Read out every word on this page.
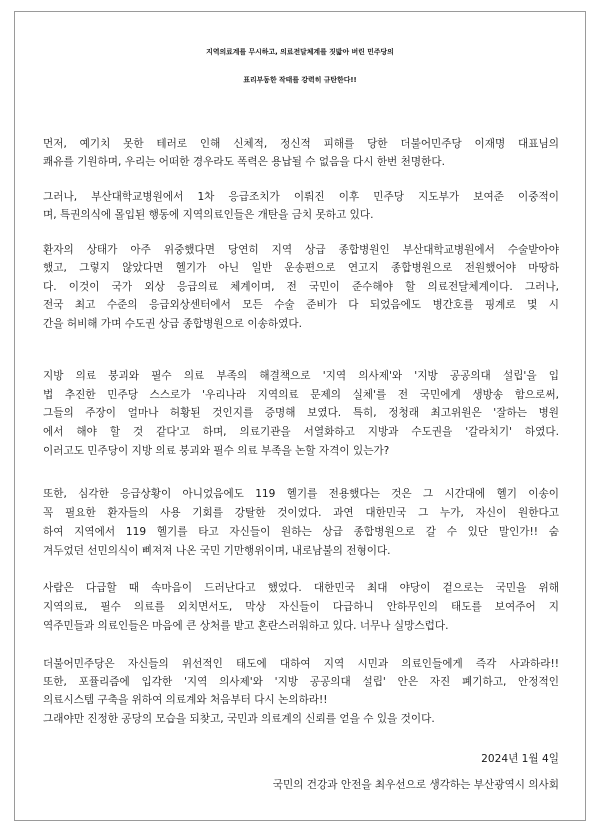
지역의료계를 무시하고, 의료전달체계를 짓밟아 버린 민주당의
표리부동한 작태를 강력히 규탄한다!!
먼저, 예기치 못한 테러로 인해 신체적, 정신적 피해를 당한 더불어민주당 이재명 대표님의
쾌유를 기원하며, 우리는 어떠한 경우라도 폭력은 용납될 수 없음을 다시 한번 천명한다.
그러나, 부산대학교병원에서 1차 응급조치가 이뤄진 이후 민주당 지도부가 보여준 이중적이
며, 특권의식에 몰입된 행동에 지역의료인들은 개탄을 금치 못하고 있다.
환자의 상태가 아주 위중했다면 당연히 지역 상급 종합병원인 부산대학교병원에서 수술받아야
했고, 그렇지 않았다면 헬기가 아닌 일반 운송편으로 연고지 종합병원으로 전원했어야 마땅하
다. 이것이 국가 외상 응급의료 체계이며, 전 국민이 준수해야 할 의료전달체계이다. 그러나,
전국 최고 수준의 응급외상센터에서 모든 수술 준비가 다 되었음에도 병간호를 핑계로 몇 시
간을 허비해 가며 수도권 상급 종합병원으로 이송하였다.
지방 의료 붕괴와 필수 의료 부족의 해결책으로 '지역 의사제'와 '지방 공공의대 설립'을 입
법 추진한 민주당 스스로가 '우리나라 지역의료 문제의 실체'를 전 국민에게 생방송 함으로써,
그들의 주장이 얼마나 허황된 것인지를 증명해 보였다. 특히, 정청래 최고위원은 '잘하는 병원
에서 해야 할 것 같다'고 하며, 의료기관을 서열화하고 지방과 수도권을 '갈라치기' 하였다.
이러고도 민주당이 지방 의료 붕괴와 필수 의료 부족을 논할 자격이 있는가?
또한, 심각한 응급상황이 아니었음에도 119 헬기를 전용했다는 것은 그 시간대에 헬기 이송이
꼭 필요한 환자들의 사용 기회를 강탈한 것이었다. 과연 대한민국 그 누가, 자신이 원한다고
하여 지역에서 119 헬기를 타고 자신들이 원하는 상급 종합병원으로 갈 수 있단 말인가!! 숨
겨두었던 선민의식이 삐져져 나온 국민 기만행위이며, 내로남불의 전형이다.
사람은 다급할 때 속마음이 드러난다고 했었다. 대한민국 최대 야당이 겉으로는 국민을 위해
지역의료, 필수 의료를 외치면서도, 막상 자신들이 다급하니 안하무인의 태도를 보여주어 지
역주민들과 의료인들은 마음에 큰 상처를 받고 혼란스러워하고 있다. 너무나 실망스럽다.
더불어민주당은 자신들의 위선적인 태도에 대하여 지역 시민과 의료인들에게 즉각 사과하라!!
또한, 포퓰리즘에 입각한 '지역 의사제'와 '지방 공공의대 설립' 안은 자진 폐기하고, 안정적인
의료시스템 구축을 위하여 의료계와 처음부터 다시 논의하라!!
그래야만 진정한 공당의 모습을 되찾고, 국민과 의료계의 신뢰를 얻을 수 있을 것이다.
2024년 1월 4일
국민의 건강과 안전을 최우선으로 생각하는 부산광역시 의사회
